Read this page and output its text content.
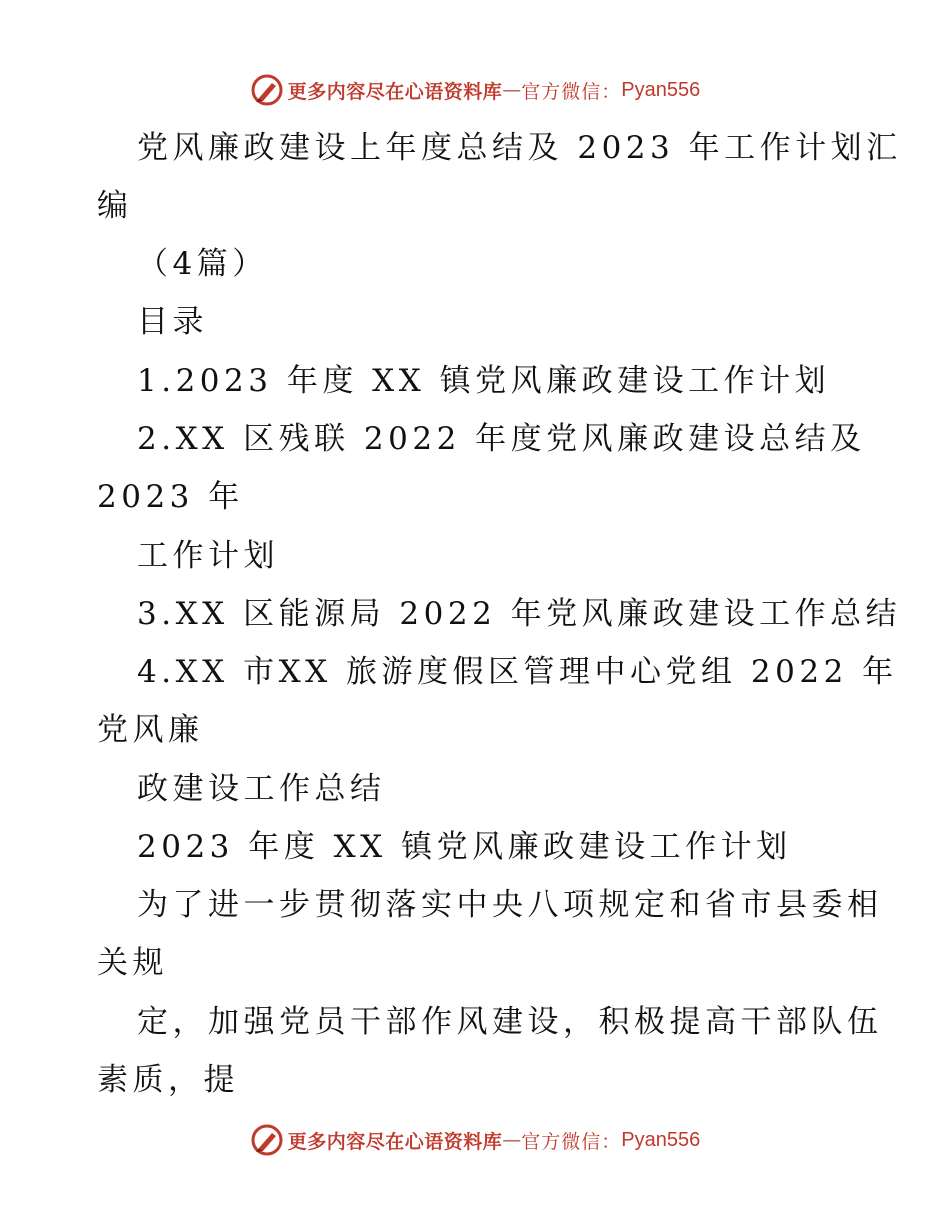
更多内容尽在心语资料库 — 官方微信： Pyan556
党风廉政建设上年度总结及 2023 年工作计划汇
编
（4篇）
目录
1.2023 年度 XX 镇党风廉政建设工作计划
2.XX 区残联 2022 年度党风廉政建设总结及
2023 年
工作计划
3.XX 区能源局 2022 年党风廉政建设工作总结
4.XX 市XX 旅游度假区管理中心党组 2022 年
党风廉
政建设工作总结
2023 年度 XX 镇党风廉政建设工作计划
为了进一步贯彻落实中央八项规定和省市县委相
关规
定，加强党员干部作风建设，积极提高干部队伍
素质，提
更多内容尽在心语资料库 — 官方微信： Pyan556
